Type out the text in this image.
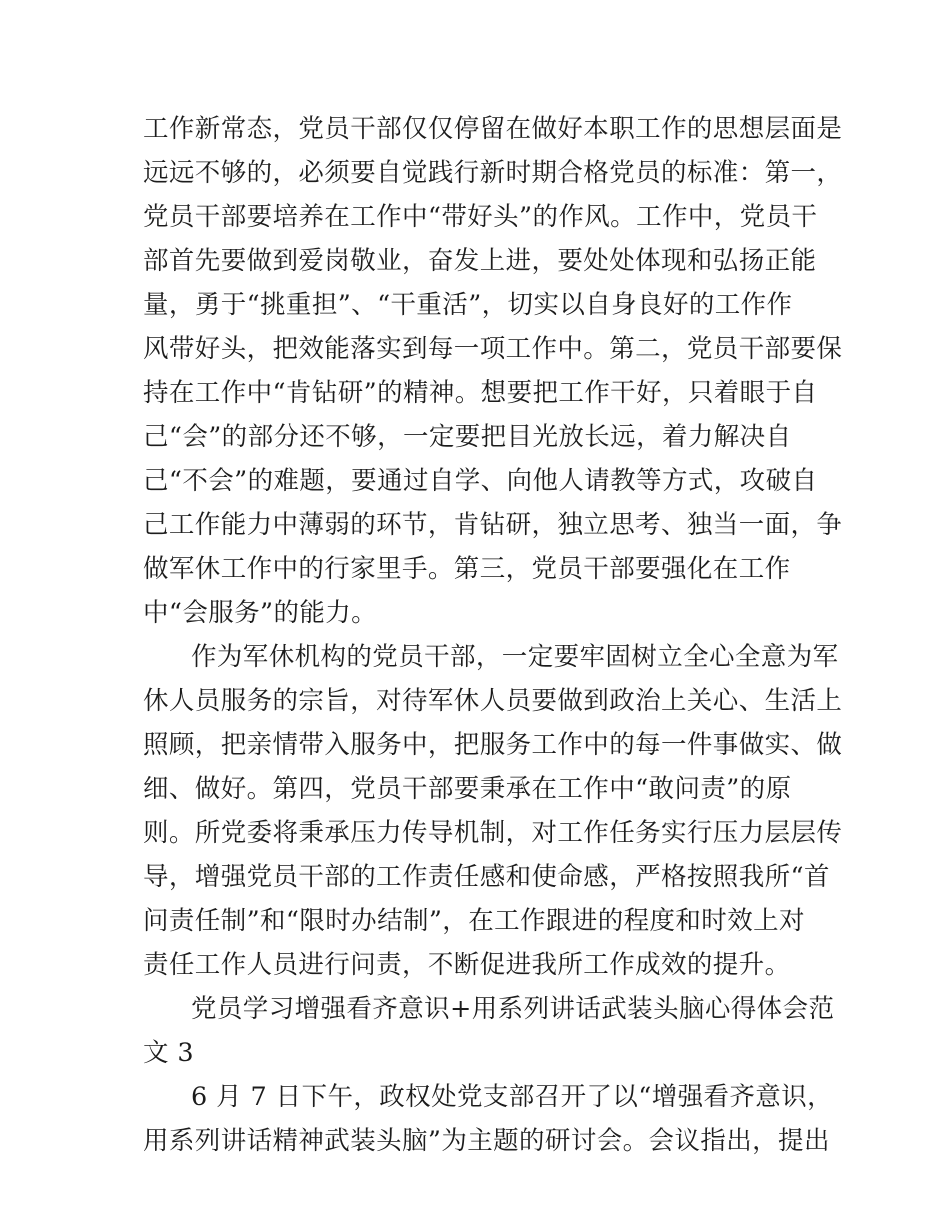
工作新常态，党员干部仅仅停留在做好本职工作的思想层面是
远远不够的，必须要自觉践行新时期合格党员的标准：第一，
党员干部要培养在工作中“带好头”的作风。工作中，党员干
部首先要做到爱岗敬业，奋发上进，要处处体现和弘扬正能
量，勇于“挑重担”、“干重活”，切实以自身良好的工作作
风带好头，把效能落实到每一项工作中。第二，党员干部要保
持在工作中“肯钻研”的精神。想要把工作干好，只着眼于自
己“会”的部分还不够，一定要把目光放长远，着力解决自
己“不会”的难题，要通过自学、向他人请教等方式，攻破自
己工作能力中薄弱的环节，肯钻研，独立思考、独当一面，争
做军休工作中的行家里手。第三，党员干部要强化在工作
中“会服务”的能力。
作为军休机构的党员干部，一定要牢固树立全心全意为军
休人员服务的宗旨，对待军休人员要做到政治上关心、生活上
照顾，把亲情带入服务中，把服务工作中的每一件事做实、做
细、做好。第四，党员干部要秉承在工作中“敢问责”的原
则。所党委将秉承压力传导机制，对工作任务实行压力层层传
导，增强党员干部的工作责任感和使命感，严格按照我所“首
问责任制”和“限时办结制”，在工作跟进的程度和时效上对
责任工作人员进行问责，不断促进我所工作成效的提升。
党员学习增强看齐意识+用系列讲话武装头脑心得体会范
文 3
6 月 7 日下午，政权处党支部召开了以“增强看齐意识，
用系列讲话精神武装头脑”为主题的研讨会。会议指出，提出
